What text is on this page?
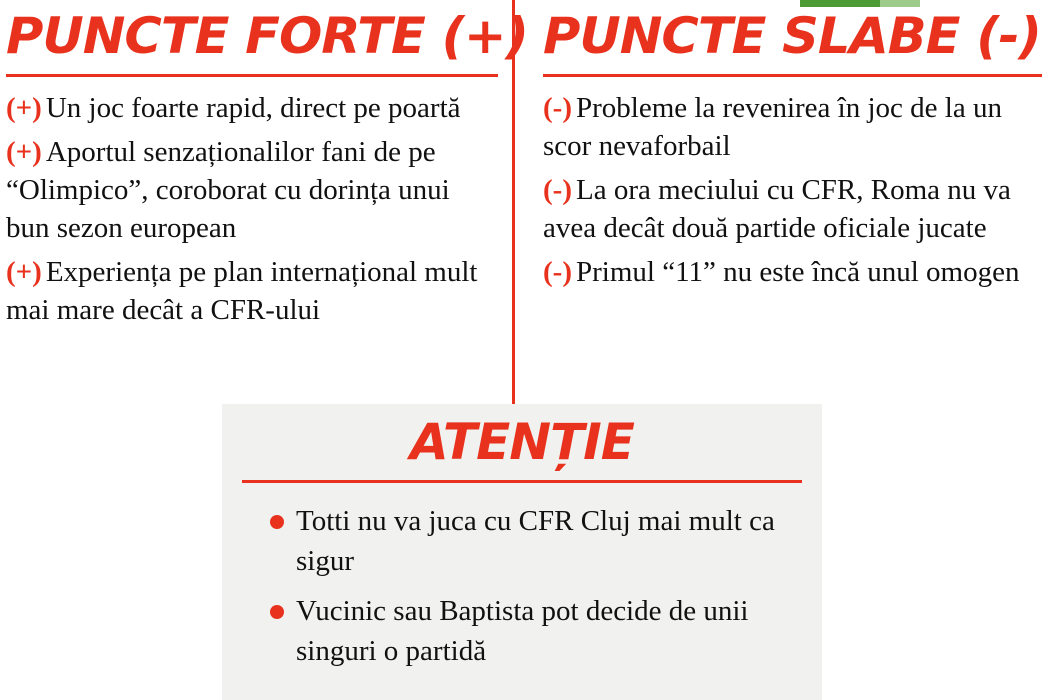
PUNCTE FORTE (+)

(+) Un joc foarte rapid, direct pe poartă

(+) Aportul senzaționalilor fani de pe “Olimpico”, coroborat cu dorința unui bun sezon european

(+) Experiența pe plan internațional mult mai mare decât a CFR-ului

PUNCTE SLABE (-)

(-) Probleme la revenirea în joc de la un scor nevaforbail

(-) La ora meciului cu CFR, Roma nu va avea decât două partide oficiale jucate

(-) Primul “11” nu este încă unul omogen

ATENȚIE

Totti nu va juca cu CFR Cluj mai mult ca sigur

Vucinic sau Baptista pot decide de unii singuri o partidă
